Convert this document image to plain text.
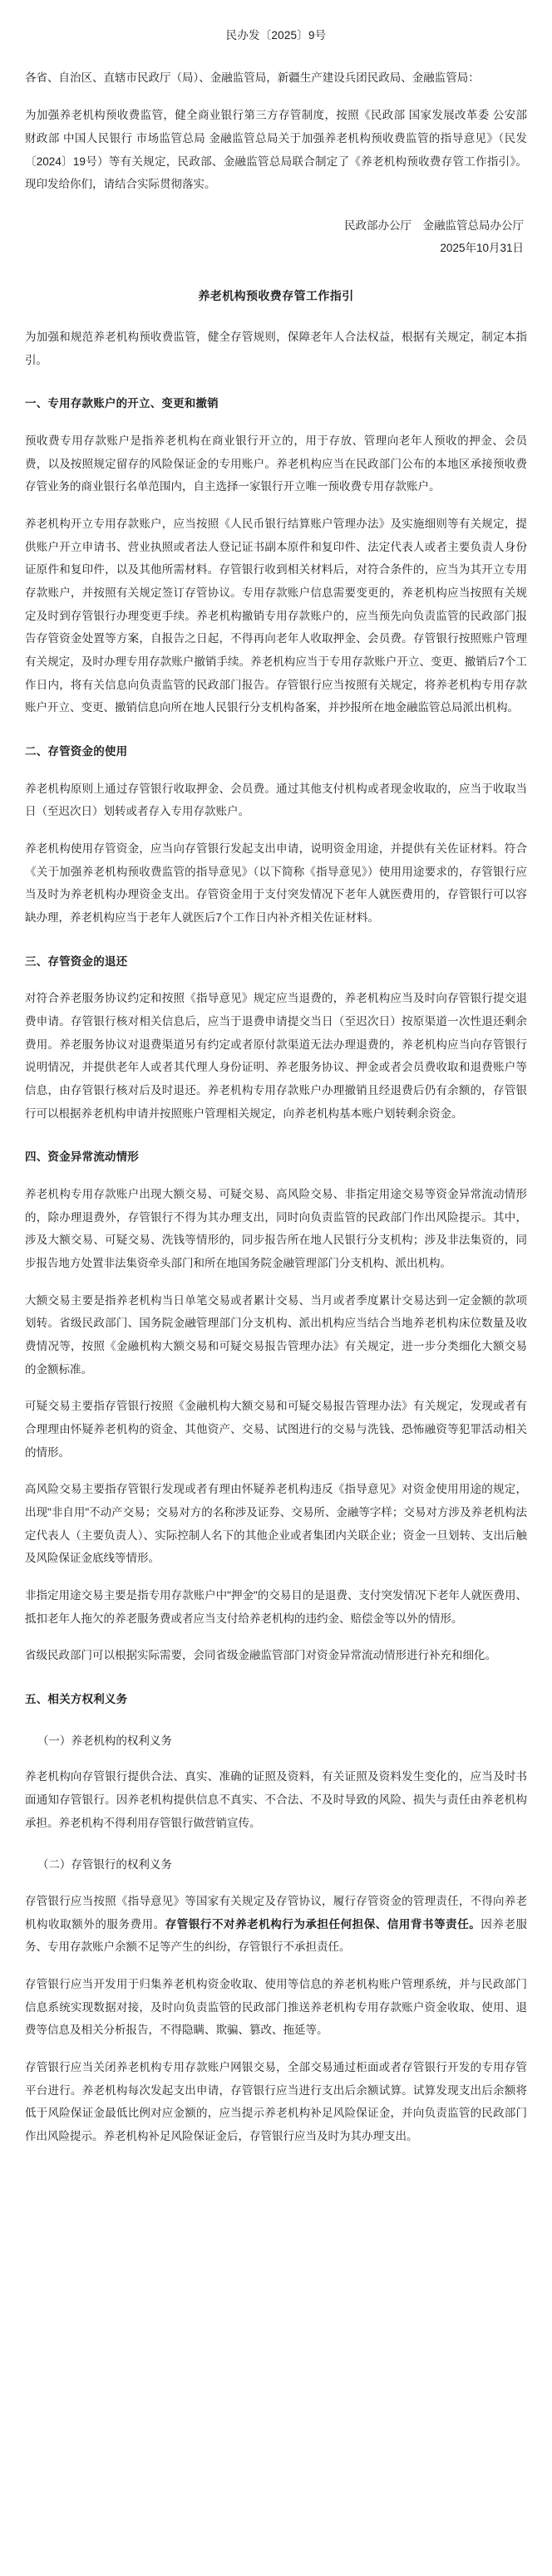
民办发〔2025〕9号

各省、自治区、直辖市民政厅（局）、金融监管局，新疆生产建设兵团民政局、金融监管局：

为加强养老机构预收费监管，健全商业银行第三方存管制度，按照《民政部 国家发展改革委 公安部 财政部 中国人民银行 市场监管总局 金融监管总局关于加强养老机构预收费监管的指导意见》（民发〔2024〕19号）等有关规定，民政部、金融监管总局联合制定了《养老机构预收费存管工作指引》。现印发给你们，请结合实际贯彻落实。

民政部办公厅　金融监管总局办公厅
2025年10月31日
养老机构预收费存管工作指引

为加强和规范养老机构预收费监管，健全存管规则，保障老年人合法权益，根据有关规定，制定本指引。

一、专用存款账户的开立、变更和撤销

预收费专用存款账户是指养老机构在商业银行开立的，用于存放、管理向老年人预收的押金、会员费，以及按照规定留存的风险保证金的专用账户。养老机构应当在民政部门公布的本地区承接预收费存管业务的商业银行名单范围内，自主选择一家银行开立唯一预收费专用存款账户。

养老机构开立专用存款账户，应当按照《人民币银行结算账户管理办法》及实施细则等有关规定，提供账户开立申请书、营业执照或者法人登记证书副本原件和复印件、法定代表人或者主要负责人身份证原件和复印件，以及其他所需材料。存管银行收到相关材料后，对符合条件的，应当为其开立专用存款账户，并按照有关规定签订存管协议。专用存款账户信息需要变更的，养老机构应当按照有关规定及时到存管银行办理变更手续。养老机构撤销专用存款账户的，应当预先向负责监管的民政部门报告存管资金处置等方案，自报告之日起，不得再向老年人收取押金、会员费。存管银行按照账户管理有关规定，及时办理专用存款账户撤销手续。养老机构应当于专用存款账户开立、变更、撤销后7个工作日内，将有关信息向负责监管的民政部门报告。存管银行应当按照有关规定，将养老机构专用存款账户开立、变更、撤销信息向所在地人民银行分支机构备案，并抄报所在地金融监管总局派出机构。

二、存管资金的使用

养老机构原则上通过存管银行收取押金、会员费。通过其他支付机构或者现金收取的，应当于收取当日（至迟次日）划转或者存入专用存款账户。

养老机构使用存管资金，应当向存管银行发起支出申请，说明资金用途，并提供有关佐证材料。符合《关于加强养老机构预收费监管的指导意见》（以下简称《指导意见》）使用用途要求的，存管银行应当及时为养老机构办理资金支出。存管资金用于支付突发情况下老年人就医费用的，存管银行可以容缺办理，养老机构应当于老年人就医后7个工作日内补齐相关佐证材料。

三、存管资金的退还

对符合养老服务协议约定和按照《指导意见》规定应当退费的，养老机构应当及时向存管银行提交退费申请。存管银行核对相关信息后，应当于退费申请提交当日（至迟次日）按原渠道一次性退还剩余费用。养老服务协议对退费渠道另有约定或者原付款渠道无法办理退费的，养老机构应当向存管银行说明情况，并提供老年人或者其代理人身份证明、养老服务协议、押金或者会员费收取和退费账户等信息，由存管银行核对后及时退还。养老机构专用存款账户办理撤销且经退费后仍有余额的，存管银行可以根据养老机构申请并按照账户管理相关规定，向养老机构基本账户划转剩余资金。

四、资金异常流动情形

养老机构专用存款账户出现大额交易、可疑交易、高风险交易、非指定用途交易等资金异常流动情形的，除办理退费外，存管银行不得为其办理支出，同时向负责监管的民政部门作出风险提示。其中，涉及大额交易、可疑交易、洗钱等情形的，同步报告所在地人民银行分支机构；涉及非法集资的，同步报告地方处置非法集资牵头部门和所在地国务院金融管理部门分支机构、派出机构。

大额交易主要是指养老机构当日单笔交易或者累计交易、当月或者季度累计交易达到一定金额的款项划转。省级民政部门、国务院金融管理部门分支机构、派出机构应当结合当地养老机构床位数量及收费情况等，按照《金融机构大额交易和可疑交易报告管理办法》有关规定，进一步分类细化大额交易的金额标准。

可疑交易主要指存管银行按照《金融机构大额交易和可疑交易报告管理办法》有关规定，发现或者有合理理由怀疑养老机构的资金、其他资产、交易、试图进行的交易与洗钱、恐怖融资等犯罪活动相关的情形。

高风险交易主要指存管银行发现或者有理由怀疑养老机构违反《指导意见》对资金使用用途的规定，出现"非自用"不动产交易；交易对方的名称涉及证券、交易所、金融等字样；交易对方涉及养老机构法定代表人（主要负责人）、实际控制人名下的其他企业或者集团内关联企业；资金一旦划转、支出后触及风险保证金底线等情形。

非指定用途交易主要是指专用存款账户中"押金"的交易目的是退费、支付突发情况下老年人就医费用、抵扣老年人拖欠的养老服务费或者应当支付给养老机构的违约金、赔偿金等以外的情形。

省级民政部门可以根据实际需要，会同省级金融监管部门对资金异常流动情形进行补充和细化。

五、相关方权利义务
（一）养老机构的权利义务

养老机构向存管银行提供合法、真实、准确的证照及资料，有关证照及资料发生变化的，应当及时书面通知存管银行。因养老机构提供信息不真实、不合法、不及时导致的风险、损失与责任由养老机构承担。养老机构不得利用存管银行做营销宣传。

（二）存管银行的权利义务

存管银行应当按照《指导意见》等国家有关规定及存管协议，履行存管资金的管理责任，不得向养老机构收取额外的服务费用。存管银行不对养老机构行为承担任何担保、信用背书等责任。因养老服务、专用存款账户余额不足等产生的纠纷，存管银行不承担责任。

存管银行应当开发用于归集养老机构资金收取、使用等信息的养老机构账户管理系统，并与民政部门信息系统实现数据对接，及时向负责监管的民政部门推送养老机构专用存款账户资金收取、使用、退费等信息及相关分析报告，不得隐瞒、欺骗、篡改、拖延等。

存管银行应当关闭养老机构专用存款账户网银交易，全部交易通过柜面或者存管银行开发的专用存管平台进行。养老机构每次发起支出申请，存管银行应当进行支出后余额试算。试算发现支出后余额将低于风险保证金最低比例对应金额的，应当提示养老机构补足风险保证金，并向负责监管的民政部门作出风险提示。养老机构补足风险保证金后，存管银行应当及时为其办理支出。
